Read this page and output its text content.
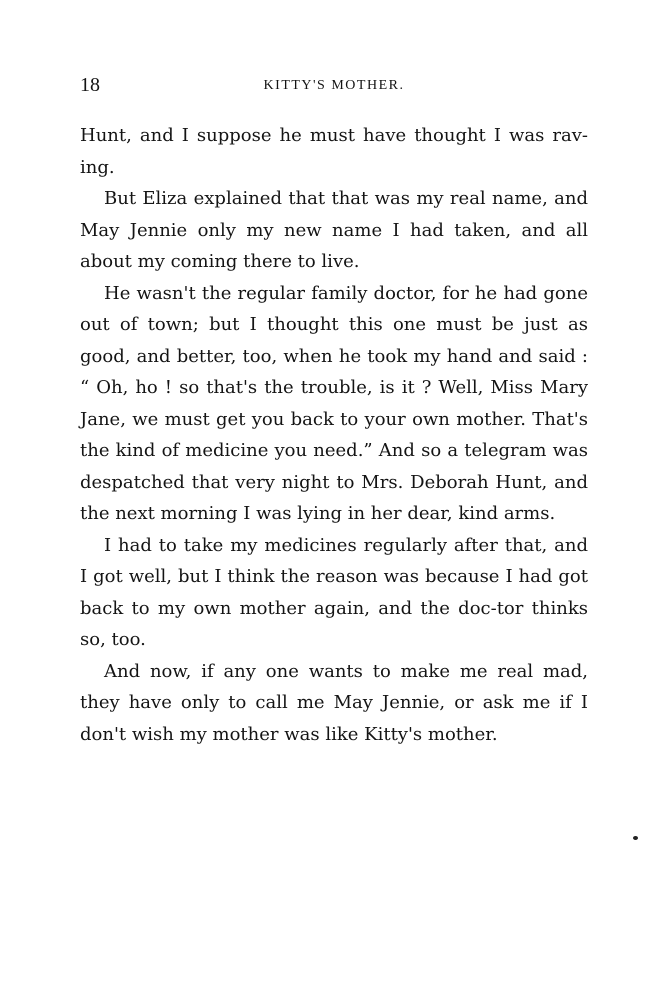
18	KITTY'S MOTHER.

Hunt, and I suppose he must have thought I was rav-ing.

But Eliza explained that that was my real name, and May Jennie only my new name I had taken, and all about my coming there to live.

He wasn't the regular family doctor, for he had gone out of town; but I thought this one must be just as good, and better, too, when he took my hand and said : “ Oh, ho ! so that's the trouble, is it ? Well, Miss Mary Jane, we must get you back to your own mother. That's the kind of medicine you need.” And so a telegram was despatched that very night to Mrs. Deborah Hunt, and the next morning I was lying in her dear, kind arms.

I had to take my medicines regularly after that, and I got well, but I think the reason was because I had got back to my own mother again, and the doc-tor thinks so, too.

And now, if any one wants to make me real mad, they have only to call me May Jennie, or ask me if I don't wish my mother was like Kitty's mother.
